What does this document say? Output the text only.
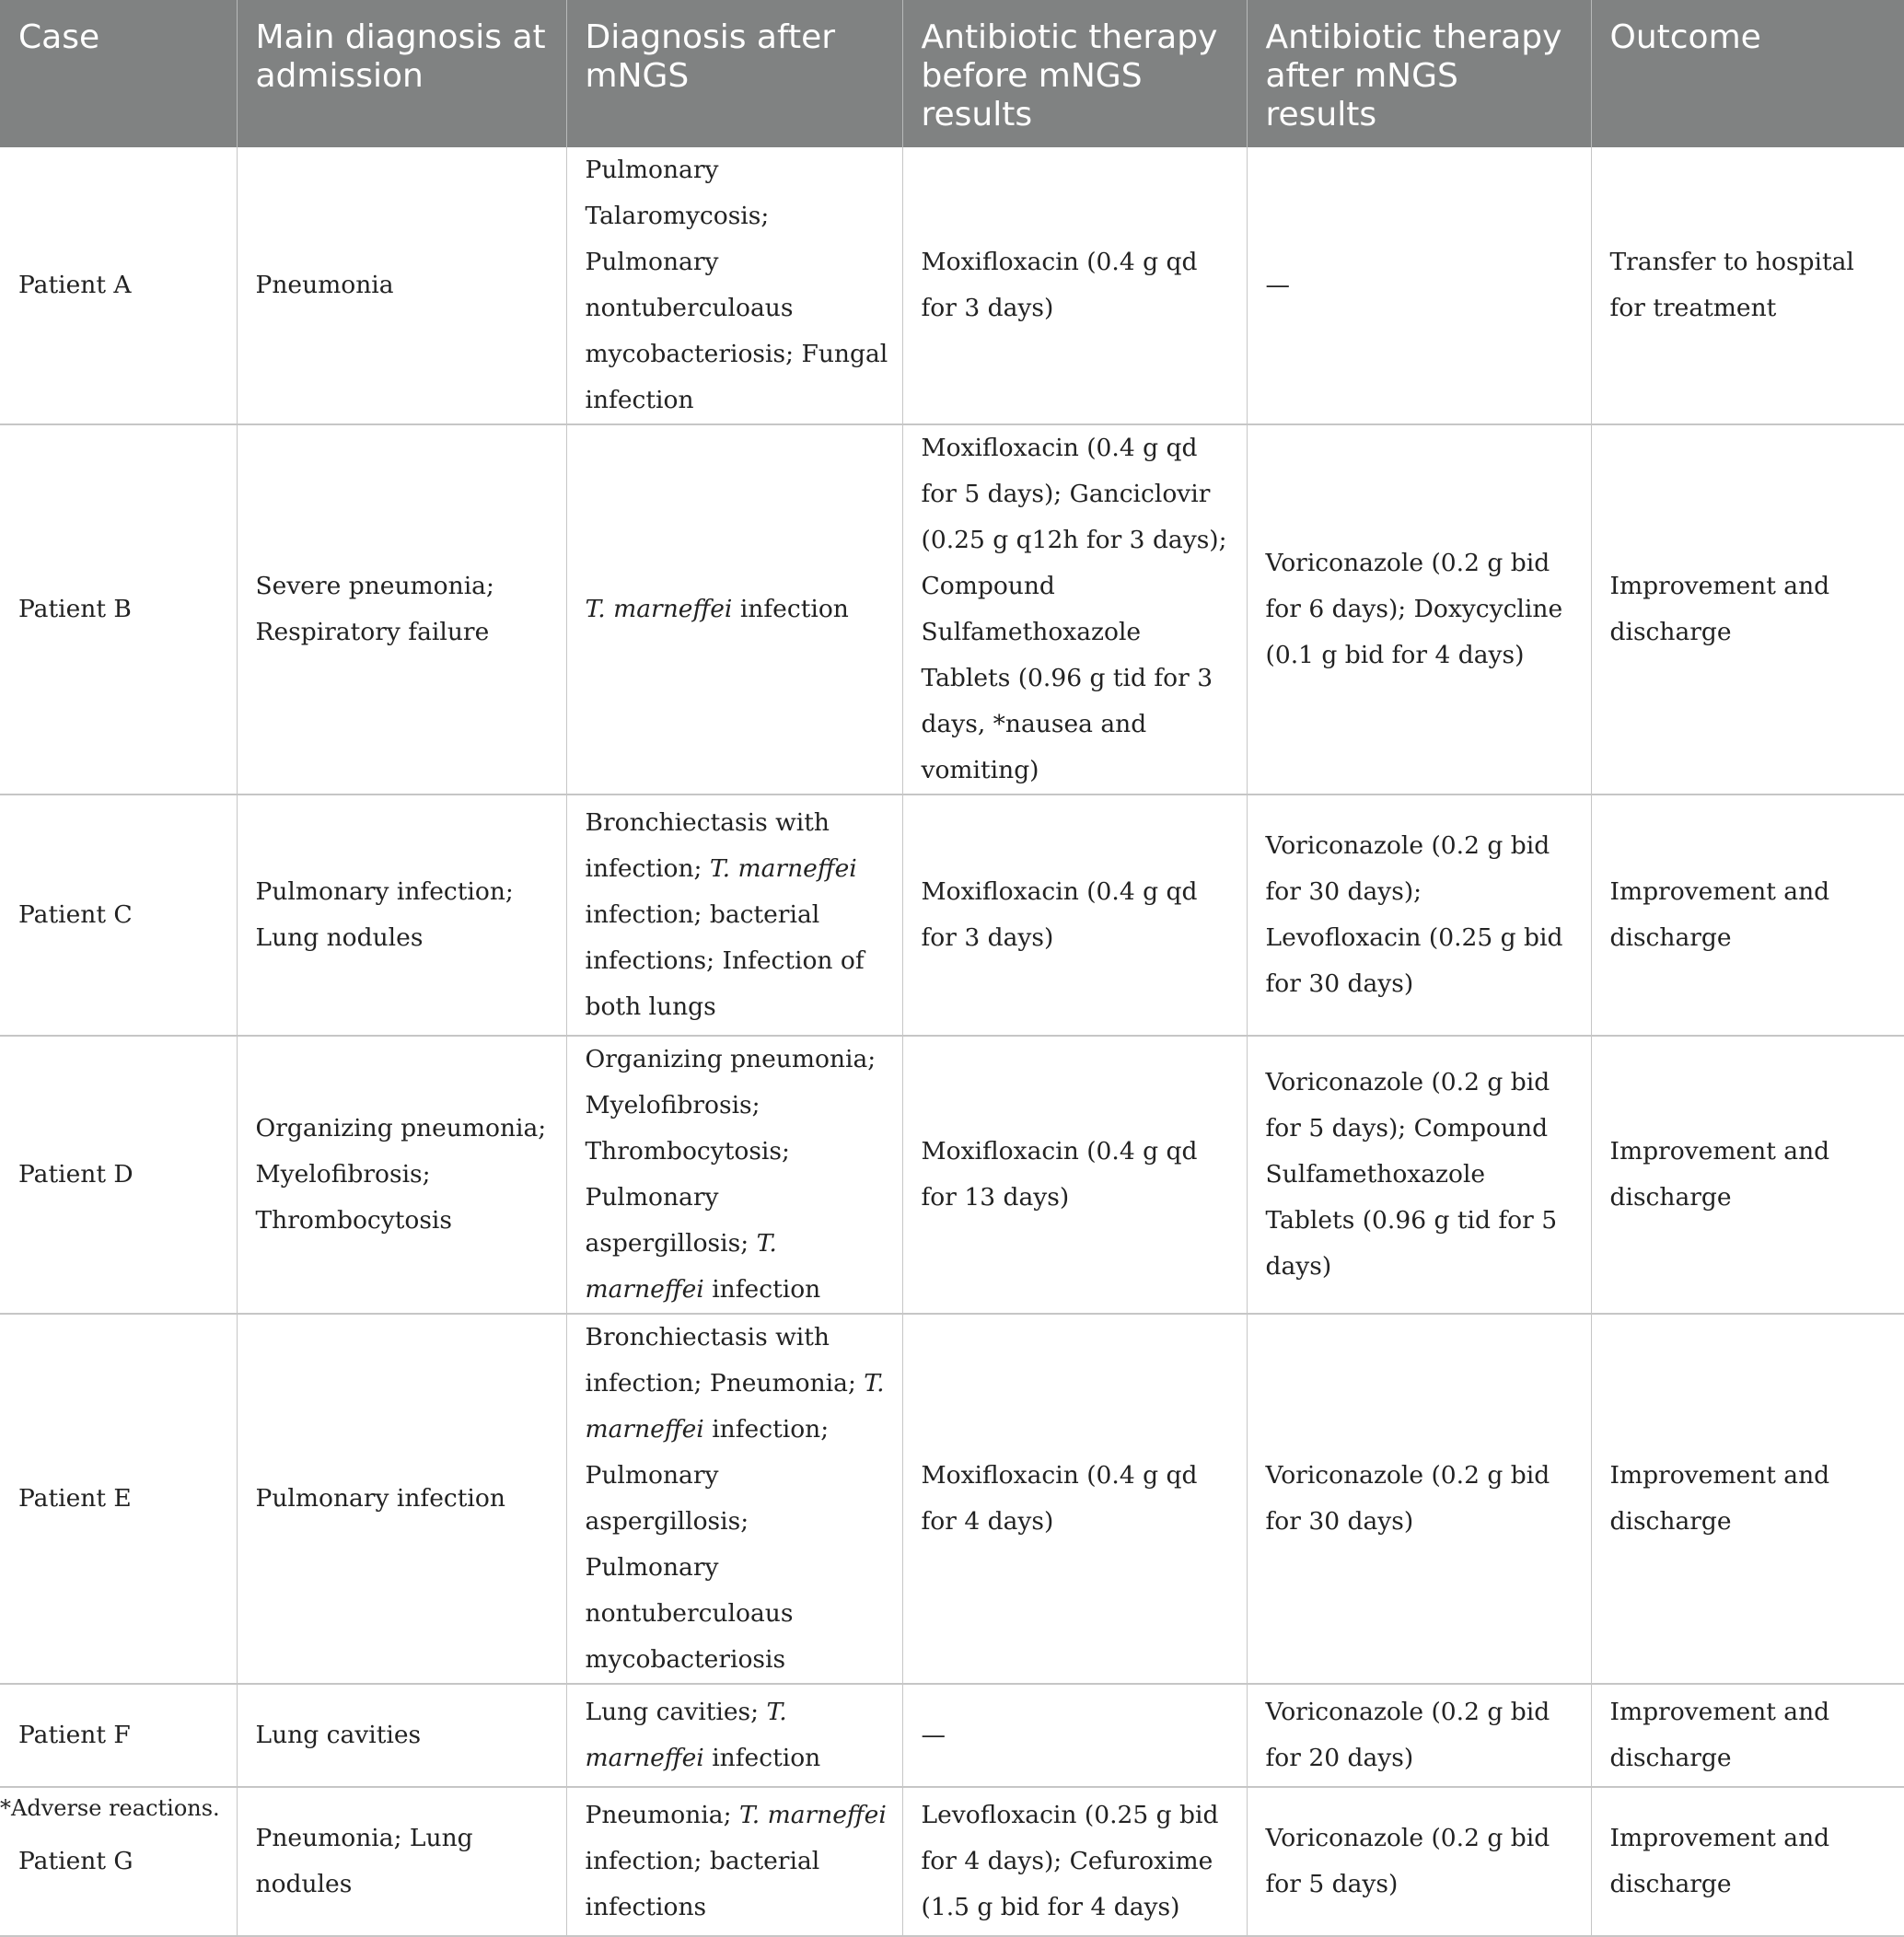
Case	Main diagnosis at admission	Diagnosis after mNGS	Antibiotic therapy before mNGS results	Antibiotic therapy after mNGS results	Outcome
Patient A	Pneumonia	Pulmonary Talaromycosis; Pulmonary nontuberculoaus mycobacteriosis; Fungal infection	Moxifloxacin (0.4 g qd for 3 days)	—	Transfer to hospital for treatment
Patient B	Severe pneumonia; Respiratory failure	T. marneffei infection	Moxifloxacin (0.4 g qd for 5 days); Ganciclovir (0.25 g q12h for 3 days); Compound Sulfamethoxazole Tablets (0.96 g tid for 3 days, *nausea and vomiting)	Voriconazole (0.2 g bid for 6 days); Doxycycline (0.1 g bid for 4 days)	Improvement and discharge
Patient C	Pulmonary infection; Lung nodules	Bronchiectasis with infection; T. marneffei infection; bacterial infections; Infection of both lungs	Moxifloxacin (0.4 g qd for 3 days)	Voriconazole (0.2 g bid for 30 days); Levofloxacin (0.25 g bid for 30 days)	Improvement and discharge
Patient D	Organizing pneumonia; Myelofibrosis; Thrombocytosis	Organizing pneumonia; Myelofibrosis; Thrombocytosis; Pulmonary aspergillosis; T. marneffei infection	Moxifloxacin (0.4 g qd for 13 days)	Voriconazole (0.2 g bid for 5 days); Compound Sulfamethoxazole Tablets (0.96 g tid for 5 days)	Improvement and discharge
Patient E	Pulmonary infection	Bronchiectasis with infection; Pneumonia; T. marneffei infection; Pulmonary aspergillosis; Pulmonary nontuberculoaus mycobacteriosis	Moxifloxacin (0.4 g qd for 4 days)	Voriconazole (0.2 g bid for 30 days)	Improvement and discharge
Patient F	Lung cavities	Lung cavities; T. marneffei infection	—	Voriconazole (0.2 g bid for 20 days)	Improvement and discharge
Patient G	Pneumonia; Lung nodules	Pneumonia; T. marneffei infection; bacterial infections	Levofloxacin (0.25 g bid for 4 days); Cefuroxime (1.5 g bid for 4 days)	Voriconazole (0.2 g bid for 5 days)	Improvement and discharge
*Adverse reactions.
